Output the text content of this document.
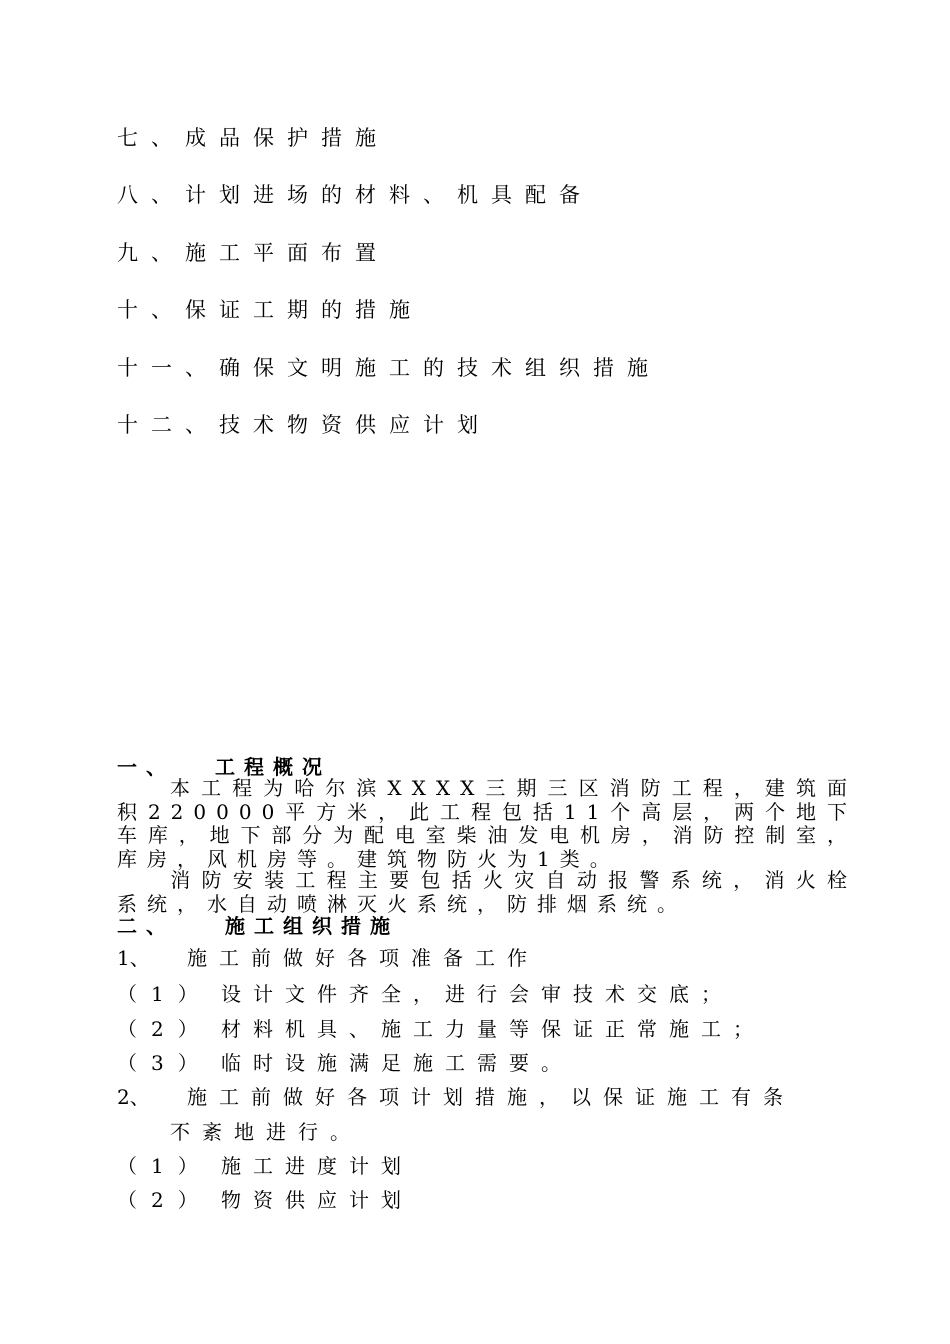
七、成品保护措施
八、计划进场的材料、机具配备
九、施工平面布置
十、保证工期的措施
十一、确保文明施工的技术组织措施
十二、技术物资供应计划
一、 工程概况
本工程为哈尔滨XXXX三期三区消防工程，建筑面积220000平方米，此工程包括11个高层，两个地下车库，地下部分为配电室柴油发电机房，消防控制室，库房，风机房等。建筑物防火为1类。
消防安装工程主要包括火灾自动报警系统，消火栓系统，水自动喷淋灭火系统，防排烟系统。
二、	施工组织措施
1、 施工前做好各项准备工作
（1） 设计文件齐全，进行会审技术交底；
（2） 材料机具、施工力量等保证正常施工；
（3） 临时设施满足施工需要。
2、 施工前做好各项计划措施，以保证施工有条
不紊地进行。
（1） 施工进度计划
（2） 物资供应计划
